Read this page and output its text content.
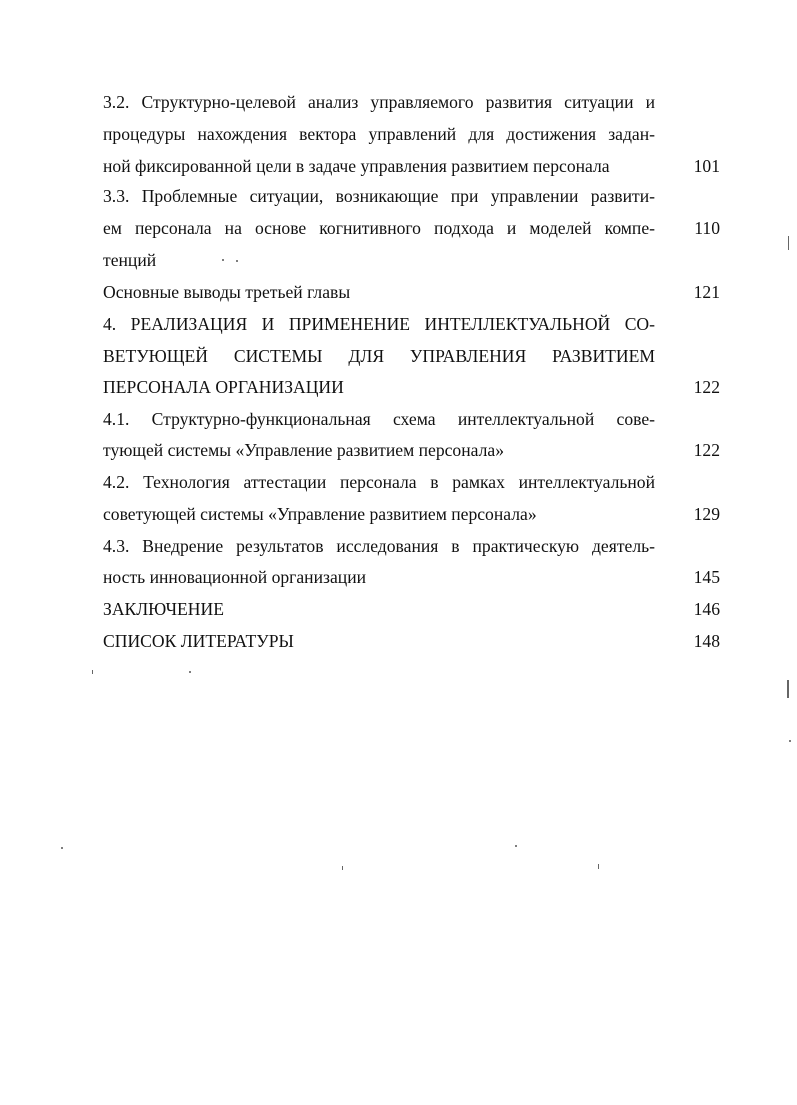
3.2. Структурно-целевой анализ управляемого развития ситуации и
процедуры нахождения вектора управлений для достижения задан-
ной фиксированной цели в задаче управления развитием персонала	101
3.3. Проблемные ситуации, возникающие при управлении развити-
ем персонала на основе когнитивного подхода и моделей компе-	110
тенций
Основные выводы третьей главы	121
4. РЕАЛИЗАЦИЯ И ПРИМЕНЕНИЕ ИНТЕЛЛЕКТУАЛЬНОЙ СО-
ВЕТУЮЩЕЙ СИСТЕМЫ ДЛЯ УПРАВЛЕНИЯ РАЗВИТИЕМ
ПЕРСОНАЛА ОРГАНИЗАЦИИ	122
4.1. Структурно-функциональная схема интеллектуальной сове-
тующей системы «Управление развитием персонала»	122
4.2. Технология аттестации персонала в рамках интеллектуальной
советующей системы «Управление развитием персонала»	129
4.3. Внедрение результатов исследования в практическую деятель-
ность инновационной организации	145
ЗАКЛЮЧЕНИЕ	146
СПИСОК ЛИТЕРАТУРЫ	148
